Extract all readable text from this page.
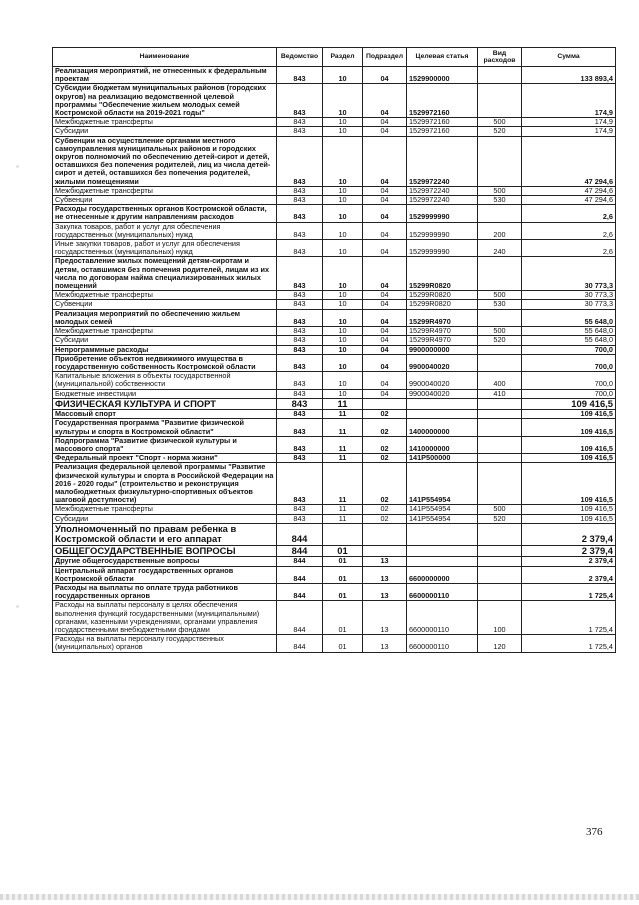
Наименование	Ведомство	Раздел	Подраздел	Целевая статья	Вид расходов	Сумма
Реализация мероприятий, не отнесенных к федеральным проектам	843	10	04	1529900000		133 893,4
Субсидии бюджетам муниципальных районов (городских округов) на реализацию ведомственной целевой программы "Обеспечение жильем молодых семей Костромской области на 2019-2021 годы"	843	10	04	1529972160		174,9
Межбюджетные трансферты	843	10	04	1529972160	500	174,9
Субсидии	843	10	04	1529972160	520	174,9
Субвенции на осуществление органами местного самоуправления муниципальных районов и городских округов полномочий по обеспечению детей-сирот и детей, оставшихся без попечения родителей, лиц из числа детей-сирот и детей, оставшихся без попечения родителей, жилыми помещениями	843	10	04	1529972240		47 294,6
Межбюджетные трансферты	843	10	04	1529972240	500	47 294,6
Субвенции	843	10	04	1529972240	530	47 294,6
Расходы государственных органов Костромской области, не отнесенные к другим направлениям расходов	843	10	04	1529999990		2,6
Закупка товаров, работ и услуг для обеспечения государственных (муниципальных) нужд	843	10	04	1529999990	200	2,6
Иные закупки товаров, работ и услуг для обеспечения государственных (муниципальных) нужд	843	10	04	1529999990	240	2,6
Предоставление жилых помещений детям-сиротам и детям, оставшимся без попечения родителей, лицам из их числа по договорам найма специализированных жилых помещений	843	10	04	15299R0820		30 773,3
Межбюджетные трансферты	843	10	04	15299R0820	500	30 773,3
Субвенции	843	10	04	15299R0820	530	30 773,3
Реализация мероприятий по обеспечению жильем молодых семей	843	10	04	15299R4970		55 648,0
Межбюджетные трансферты	843	10	04	15299R4970	500	55 648,0
Субсидии	843	10	04	15299R4970	520	55 648,0
Непрограммные расходы	843	10	04	9900000000		700,0
Приобретение объектов недвижимого имущества в государственную собственность Костромской области	843	10	04	9900040020		700,0
Капитальные вложения в объекты государственной (муниципальной) собственности	843	10	04	9900040020	400	700,0
Бюджетные инвестиции	843	10	04	9900040020	410	700,0
ФИЗИЧЕСКАЯ КУЛЬТУРА И СПОРТ	843	11				109 416,5
Массовый спорт	843	11	02			109 416,5
Государственная программа "Развитие физической культуры и спорта в Костромской области"	843	11	02	1400000000		109 416,5
Подпрограмма "Развитие физической культуры и массового спорта"	843	11	02	1410000000		109 416,5
Федеральный проект "Спорт - норма жизни"	843	11	02	141P500000		109 416,5
Реализация федеральной целевой программы "Развитие физической культуры и спорта в Российской Федерации на 2016 - 2020 годы" (строительство и реконструкция малобюджетных физкультурно-спортивных объектов шаговой доступности)	843	11	02	141P554954		109 416,5
Межбюджетные трансферты	843	11	02	141P554954	500	109 416,5
Субсидии	843	11	02	141P554954	520	109 416,5
Уполномоченный по правам ребенка в Костромской области и его аппарат	844					2 379,4
ОБЩЕГОСУДАРСТВЕННЫЕ ВОПРОСЫ	844	01				2 379,4
Другие общегосударственные вопросы	844	01	13			2 379,4
Центральный аппарат государственных органов Костромской области	844	01	13	6600000000		2 379,4
Расходы на выплаты по оплате труда работников государственных органов	844	01	13	6600000110		1 725,4
Расходы на выплаты персоналу в целях обеспечения выполнения функций государственными (муниципальными) органами, казенными учреждениями, органами управления государственными внебюджетными фондами	844	01	13	6600000110	100	1 725,4
Расходы на выплаты персоналу государственных (муниципальных) органов	844	01	13	6600000110	120	1 725,4
376
